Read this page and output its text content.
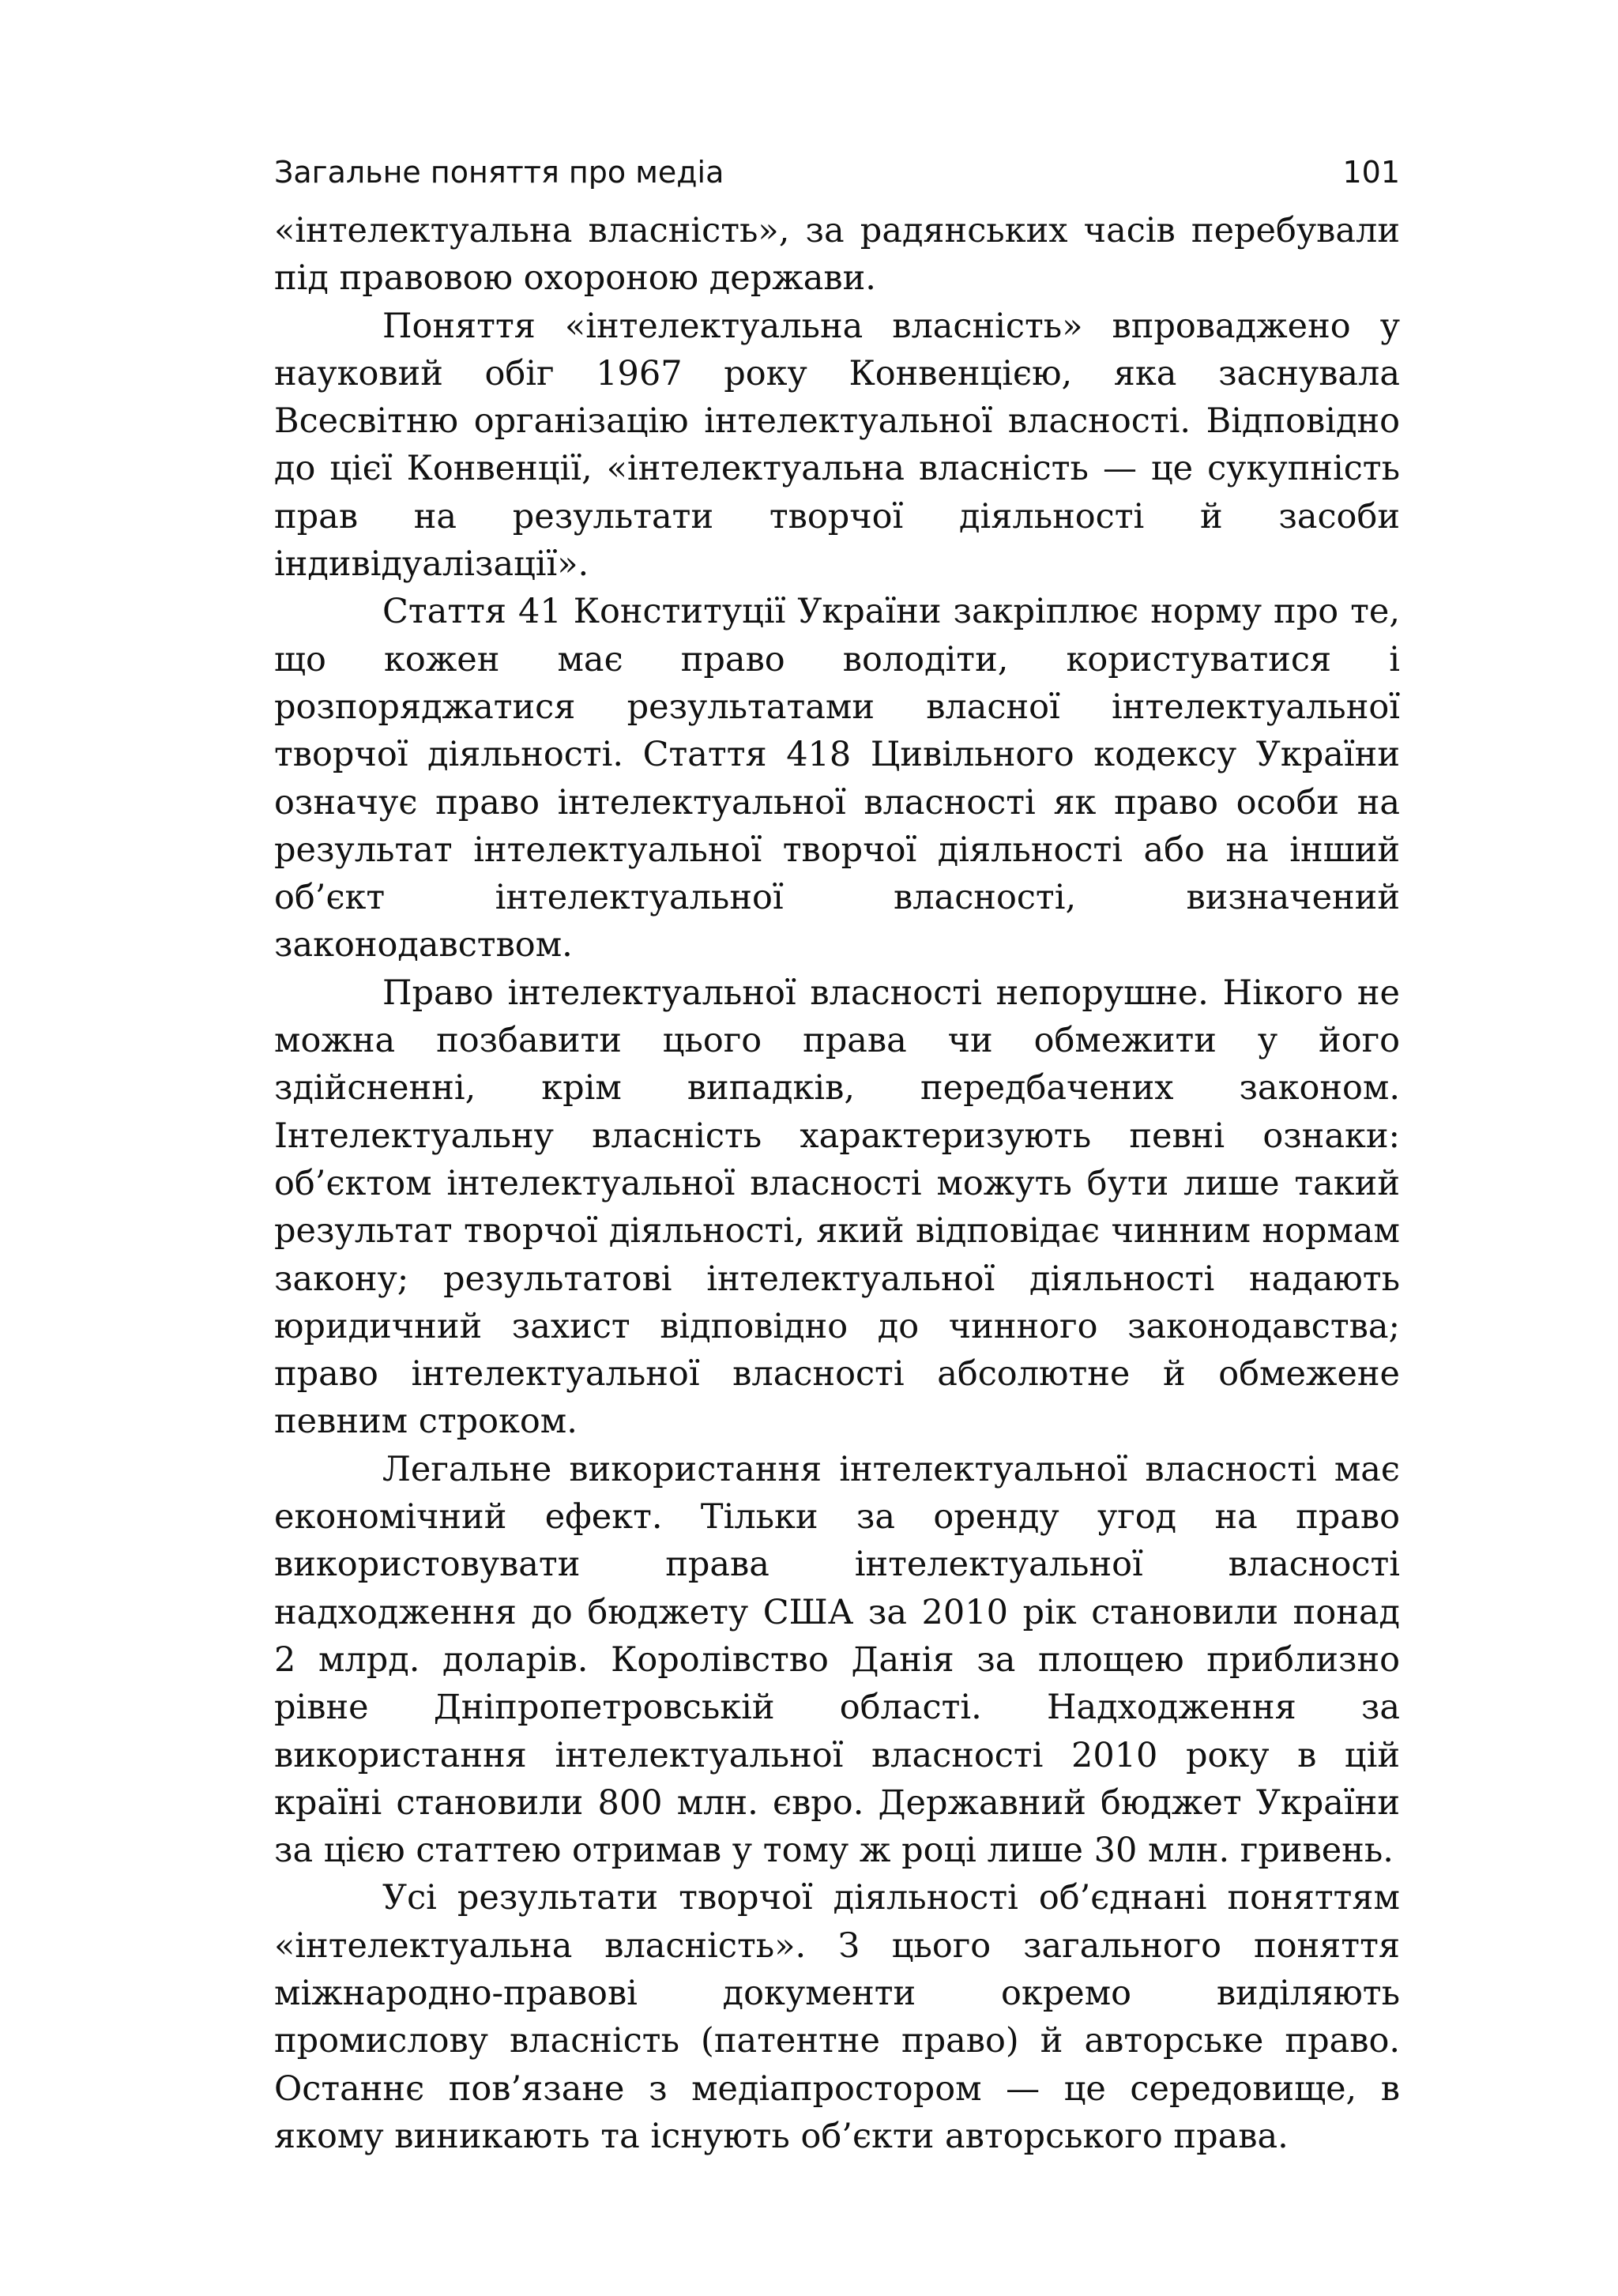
Загальне поняття про медіа	101

«інтелектуальна власність», за радянських часів перебували під правовою охороною держави.

Поняття «інтелектуальна власність» впроваджено у науковий обіг 1967 року Конвенцією, яка заснувала Всесвітню організацію інтелектуальної власності. Відповідно до цієї Конвенції, «інтелектуальна власність — це сукупність прав на результати творчої діяльності й засоби індивідуалізації».

Стаття 41 Конституції України закріплює норму про те, що кожен має право володіти, користуватися і розпоряджатися результатами власної інтелектуальної творчої діяльності. Стаття 418 Цивільного кодексу України означує право інтелектуальної власності як право особи на результат інтелектуальної творчої діяльності або на інший об’єкт інтелектуальної власності, визначений законодавством.

Право інтелектуальної власності непорушне. Нікого не можна позбавити цього права чи обмежити у його здійсненні, крім випадків, передбачених законом. Інтелектуальну власність характеризують певні ознаки: об’єктом інтелектуальної власності можуть бути лише такий результат творчої діяльності, який відповідає чинним нормам закону; результатові інтелектуальної діяльності надають юридичний захист відповідно до чинного законодавства; право інтелектуальної власності абсолютне й обмежене певним строком.

Легальне використання інтелектуальної власності має економічний ефект. Тільки за оренду угод на право використовувати права інтелектуальної власності надходження до бюджету США за 2010 рік становили понад 2 млрд. доларів. Королівство Данія за площею приблизно рівне Дніпропетровській області. Надходження за використання інтелектуальної власності 2010 року в цій країні становили 800 млн. євро. Державний бюджет України за цією статтею отримав у тому ж році лише 30 млн. гривень.

Усі результати творчої діяльності об’єднані поняттям «інтелектуальна власність». З цього загального поняття міжнародно-правові документи окремо виділяють промислову власність (патентне право) й авторське право. Останнє пов’язане з медіапростором — це середовище, в якому виникають та існують об’єкти авторського права.
